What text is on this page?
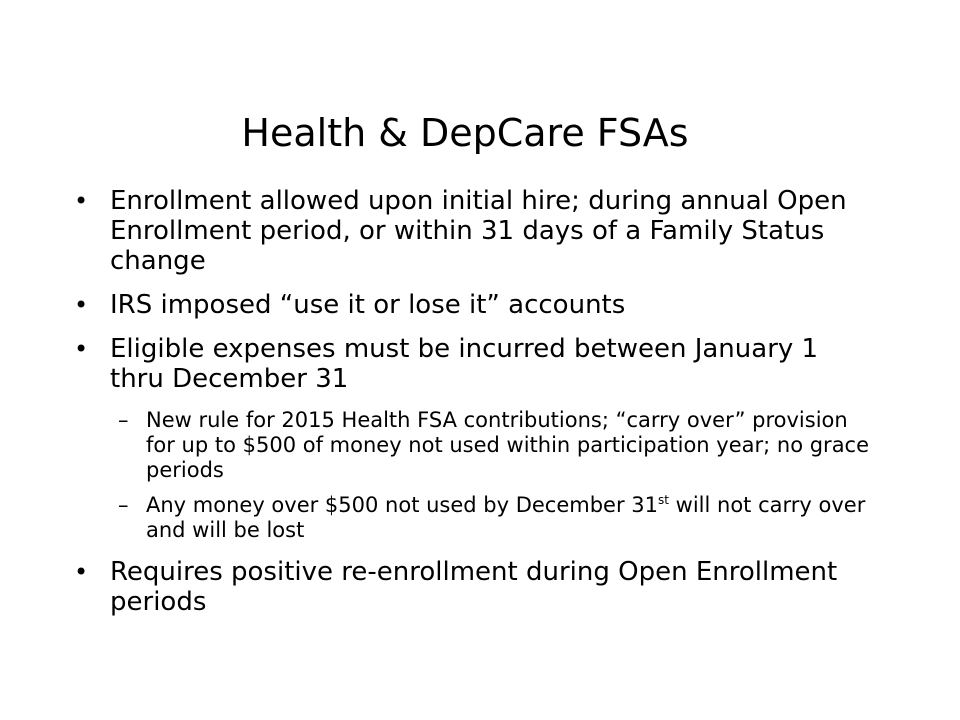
Health & DepCare FSAs
• Enrollment allowed upon initial hire; during annual Open Enrollment period, or within 31 days of a Family Status change
• IRS imposed “use it or lose it” accounts
• Eligible expenses must be incurred between January 1 thru December 31
– New rule for 2015 Health FSA contributions; “carry over” provision for up to $500 of money not used within participation year; no grace periods
– Any money over $500 not used by December 31st will not carry over and will be lost
• Requires positive re-enrollment during Open Enrollment periods
